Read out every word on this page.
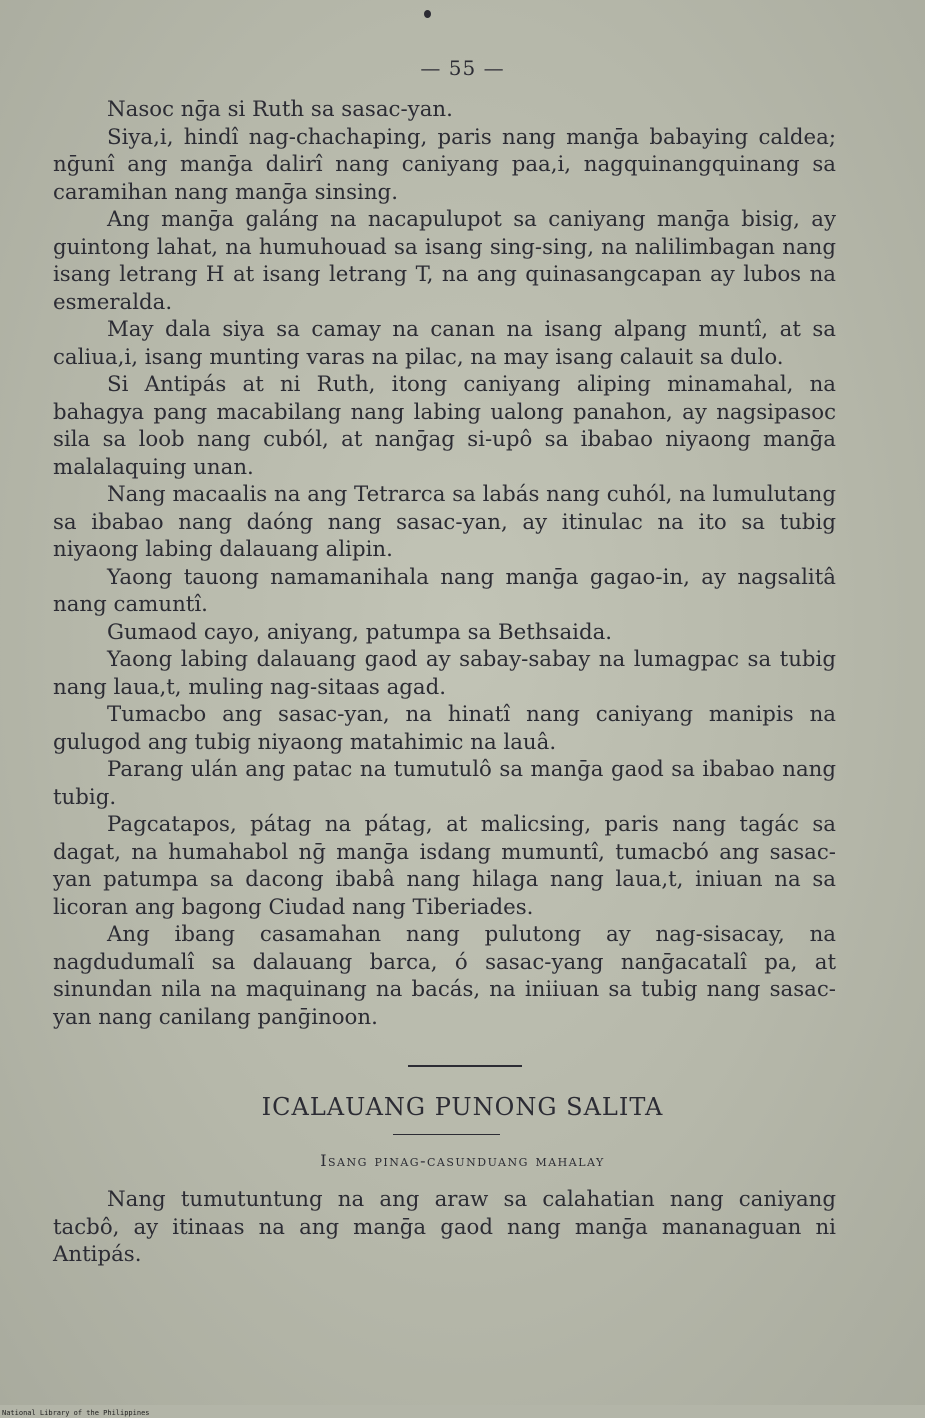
— 55 —

Nasoc nḡa si Ruth sa sasac-yan.

Siya,i, hindî nag-chachaping, paris nang manḡa babaying caldea; nḡunî ang manḡa dalirî nang caniyang paa,i, nagquinangquinang sa caramihan nang manḡa sinsing.

Ang manḡa galáng na nacapulupot sa caniyang manḡa bisig, ay guintong lahat, na humuhouad sa isang sing-sing, na nalilimbagan nang isang letrang H at isang letrang T, na ang quinasangcapan ay lubos na esmeralda.

May dala siya sa camay na canan na isang alpang muntî, at sa caliua,i, isang munting varas na pilac, na may isang calauit sa dulo.

Si Antipás at ni Ruth, itong caniyang aliping minamahal, na bahagya pang macabilang nang labing ualong panahon, ay nagsipasoc sila sa loob nang cuból, at nanḡag si-upô sa ibabao niyaong manḡa malalaquing unan.

Nang macaalis na ang Tetrarca sa labás nang cuhól, na lumulutang sa ibabao nang daóng nang sasac-yan, ay itinulac na ito sa tubig niyaong labing dalauang alipin.

Yaong tauong namamanihala nang manḡa gagao-in, ay nagsalitâ nang camuntî.

Gumaod cayo, aniyang, patumpa sa Bethsaida.

Yaong labing dalauang gaod ay sabay-sabay na lumagpac sa tubig nang laua,t, muling nag-sitaas agad.

Tumacbo ang sasac-yan, na hinatî nang caniyang manipis na gulugod ang tubig niyaong matahimic na lauâ.

Parang ulán ang patac na tumutulô sa manḡa gaod sa ibabao nang tubig.

Pagcatapos, pátag na pátag, at malicsing, paris nang tagác sa dagat, na humahabol nḡ manḡa isdang mumuntî, tumacbó ang sasac-yan patumpa sa dacong ibabâ nang hilaga nang laua,t, iniuan na sa licoran ang bagong Ciudad nang Tiberiades.

Ang ibang casamahan nang pulutong ay nag-sisacay, na nagdudumalî sa dalauang barca, ó sasac-yang nanḡacatalî pa, at sinundan nila na maquinang na bacás, na iniiuan sa tubig nang sasac-yan nang canilang panḡinoon.

ICALAUANG PUNONG SALITA
Isang pinag-casunduang mahalay

Nang tumutuntung na ang araw sa calahatian nang caniyang tacbô, ay itinaas na ang manḡa gaod nang manḡa mananaguan ni Antipás.

National Library of the Philippines
